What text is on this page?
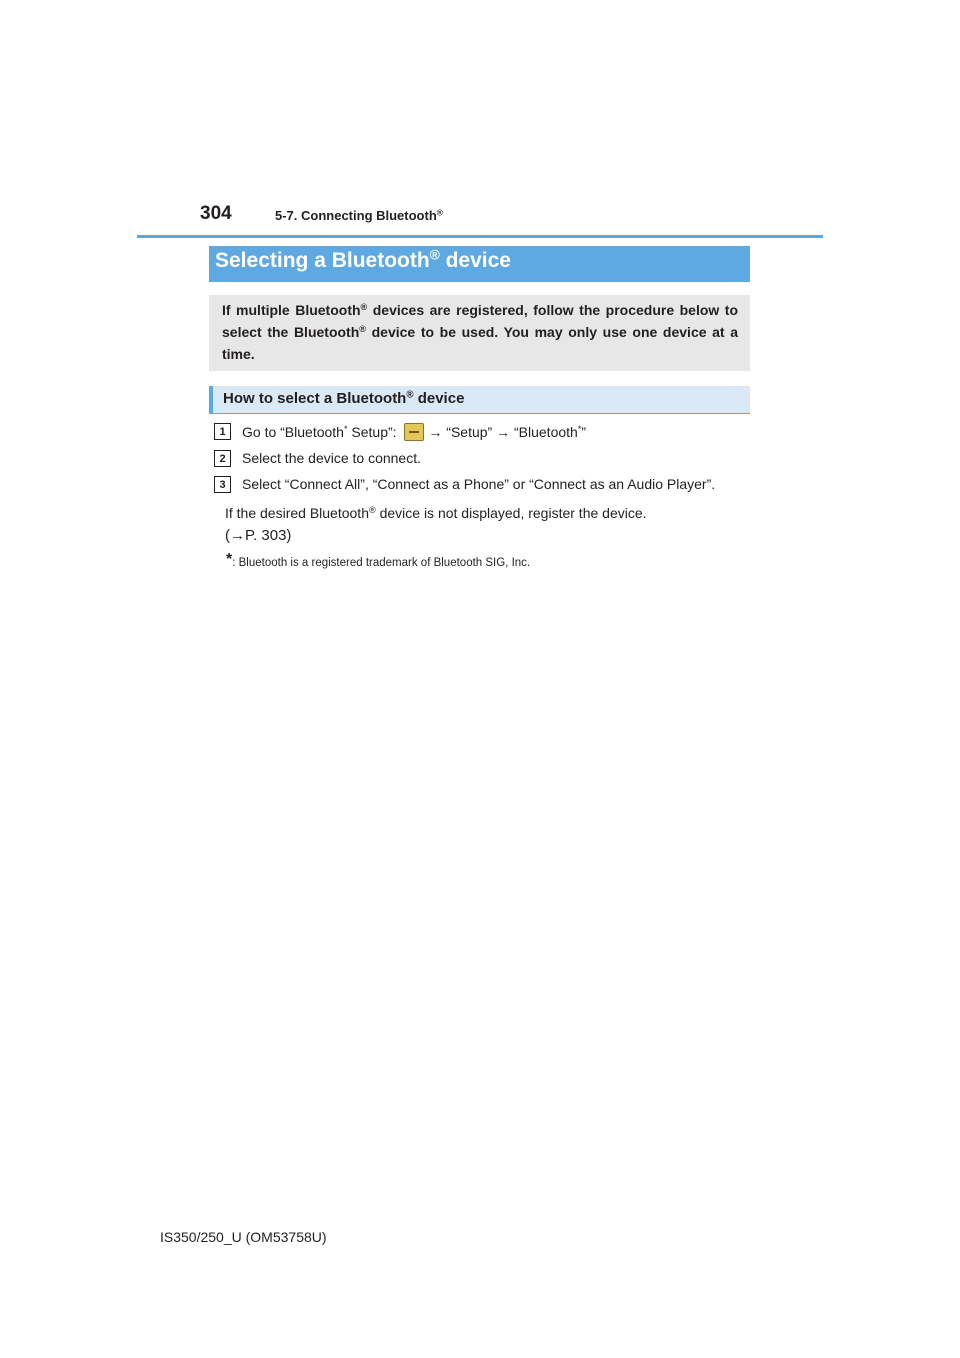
304	5-7. Connecting Bluetooth®
Selecting a Bluetooth® device
If multiple Bluetooth® devices are registered, follow the procedure below to select the Bluetooth® device to be used. You may only use one device at a time.
How to select a Bluetooth® device
1	Go to “Bluetooth* Setup”: → “Setup” → “Bluetooth*”
2	Select the device to connect.
3	Select “Connect All”, “Connect as a Phone” or “Connect as an Audio Player”.
If the desired Bluetooth® device is not displayed, register the device.
(→P. 303)
*: Bluetooth is a registered trademark of Bluetooth SIG, Inc.
IS350/250_U (OM53758U)
